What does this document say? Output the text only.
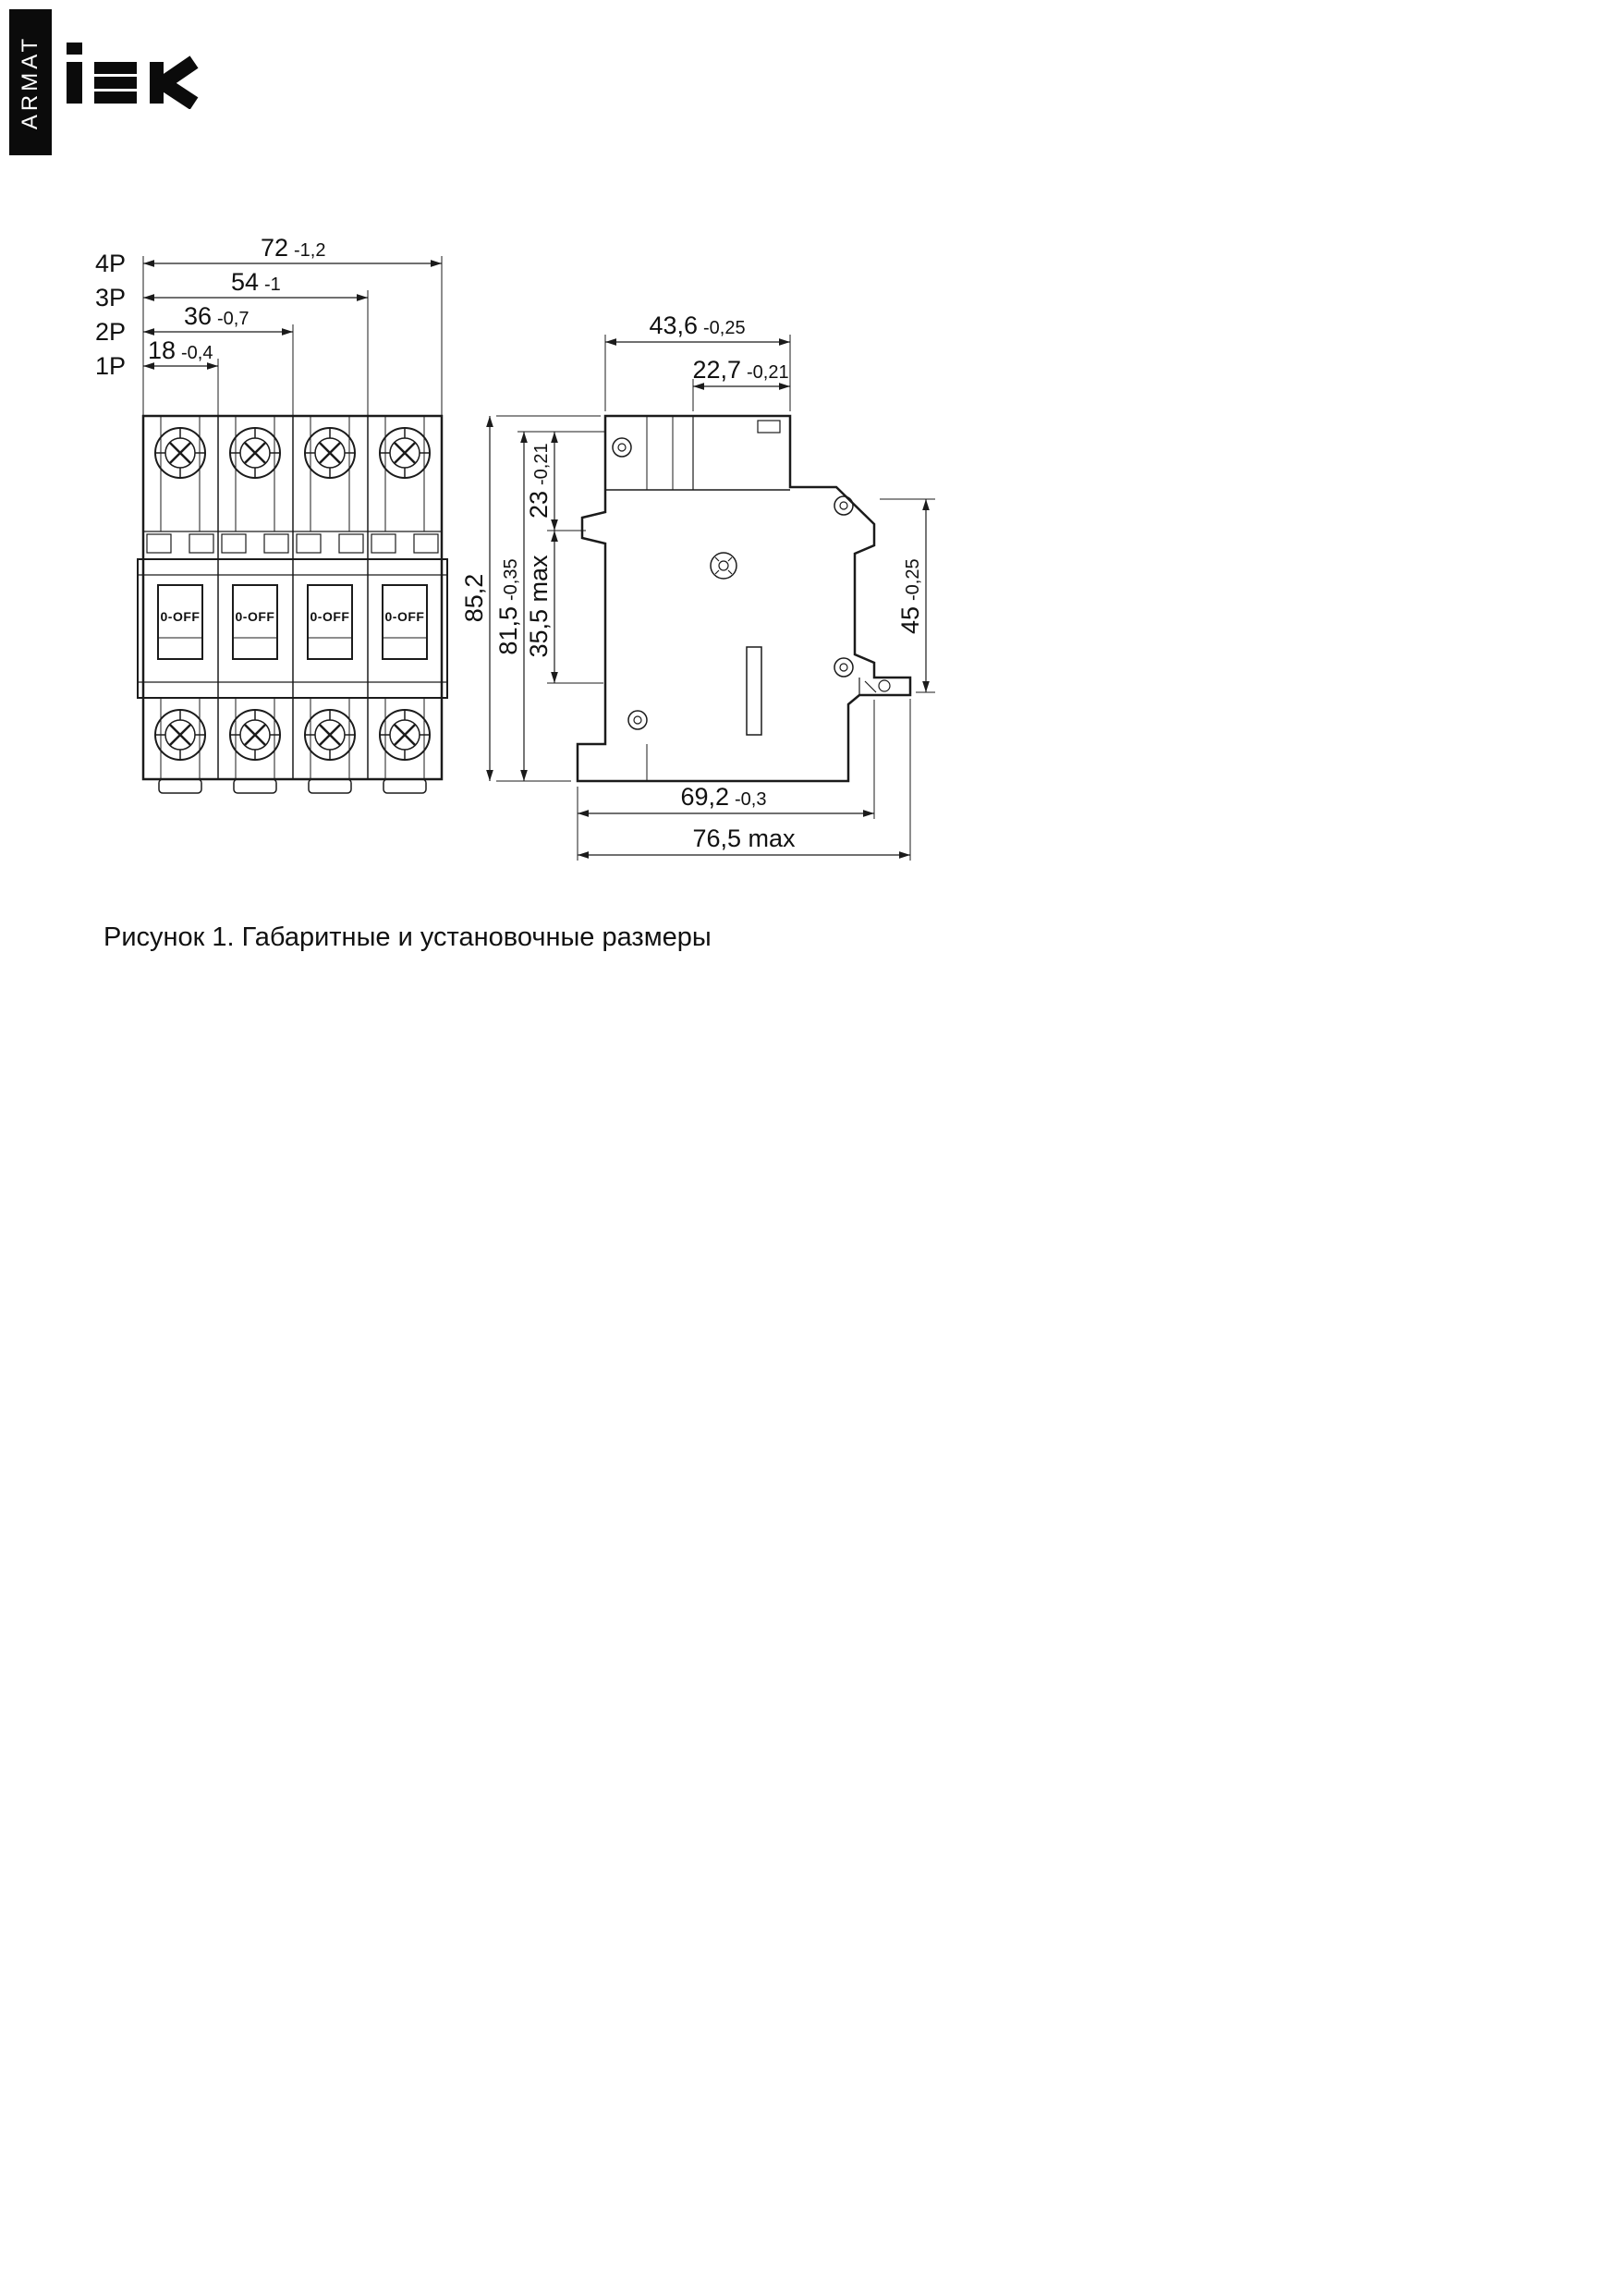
ARMAT
0-OFF	0-OFF	0-OFF	0-OFF
4P
72 -1,2
3P
54 -1
2P
36 -0,7
1P
18 -0,4
43,6 -0,25
22,7 -0,21
85,2
81,5
-0,35
23
-0,21
35,5 max	45
-0,25
69,2 -0,3
76,5 max
Рисунок 1. Габаритные и установочные размеры
